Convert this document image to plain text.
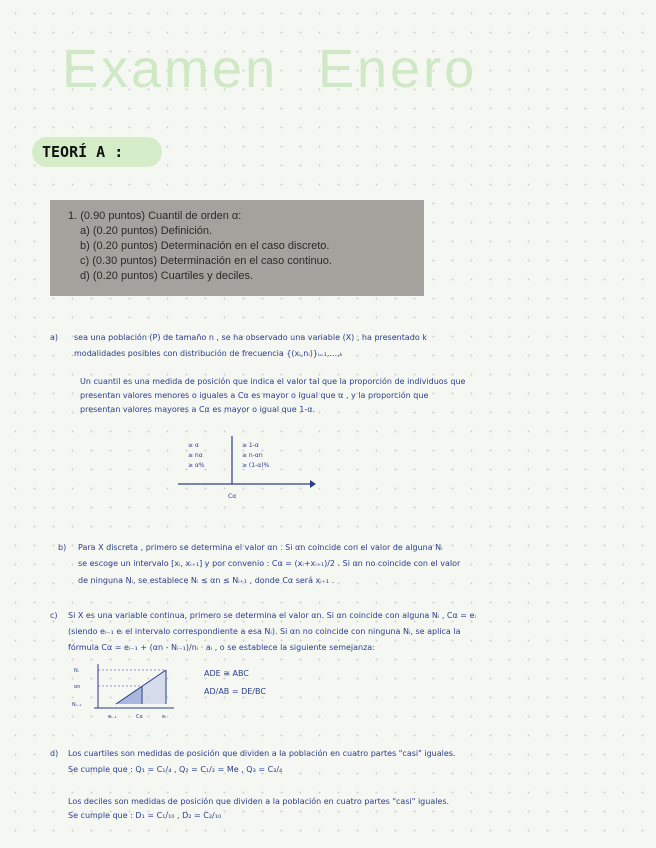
Examen Enero
TEORÍ A :
1. (0.90 puntos) Cuantil de orden α:
a) (0.20 puntos) Definición.
b) (0.20 puntos) Determinación en el caso discreto.
c) (0.30 puntos) Determinación en el caso continuo.
d) (0.20 puntos) Cuartiles y deciles.
a) sea una población (P) de tamaño n , se ha observado una variable (X) , ha presentado k
modalidades posibles con distribución de frecuencia {(xᵢ,nᵢ)}ᵢ₌₁,...,ₖ
Un cuantil es una medida de posición que indica el valor tal que la proporción de individuos que
presentan valores menores o iguales a Cα es mayor o igual que α , y la proporción que
presentan valores mayores a Cα es mayor o igual que 1-α.
≥ α
≥ nα
≥ α%
≥ 1-α
≥ n-αn
≥ (1-α)%
Cα
b) Para X discreta , primero se determina el valor αn . Si αn coincide con el valor de alguna Nᵢ
se escoge un intervalo [xᵢ, xᵢ₊₁] y por convenio : Cα = (xᵢ+xᵢ₊₁)/2 . Si αn no coincide con el valor
de ninguna Nᵢ, se establece Nᵢ ≤ αn ≤ Nᵢ₊₁ , donde Cα será xᵢ₊₁ .
c) Si X es una variable continua, primero se determina el valor αn. Si αn coincide con alguna Nᵢ , Cα = eᵢ
(siendo eᵢ₋₁ eᵢ el intervalo correspondiente a esa Nᵢ). Si αn no coincide con ninguna Nᵢ, se aplica la
fórmula Cα = eᵢ₋₁ + (αn - Nᵢ₋₁)/nᵢ · aᵢ , o se establece la siguiente semejanza:
Nᵢ
αn
Nᵢ₋₁
eᵢ₋₁	Cα	eᵢ
ADE ≅ ABC
AD/AB = DE/BC
d) Los cuartiles son medidas de posición que dividen a la población en cuatro partes "casi" iguales.
Se cumple que : Q₁ = C₁/₄ , Q₂ = C₁/₂ = Me , Q₃ = C₃/₄
Los deciles son medidas de posición que dividen a la población en cuatro partes "casi" iguales.
Se cumple que : D₁ = C₁/₁₀ , D₂ = C₂/₁₀
